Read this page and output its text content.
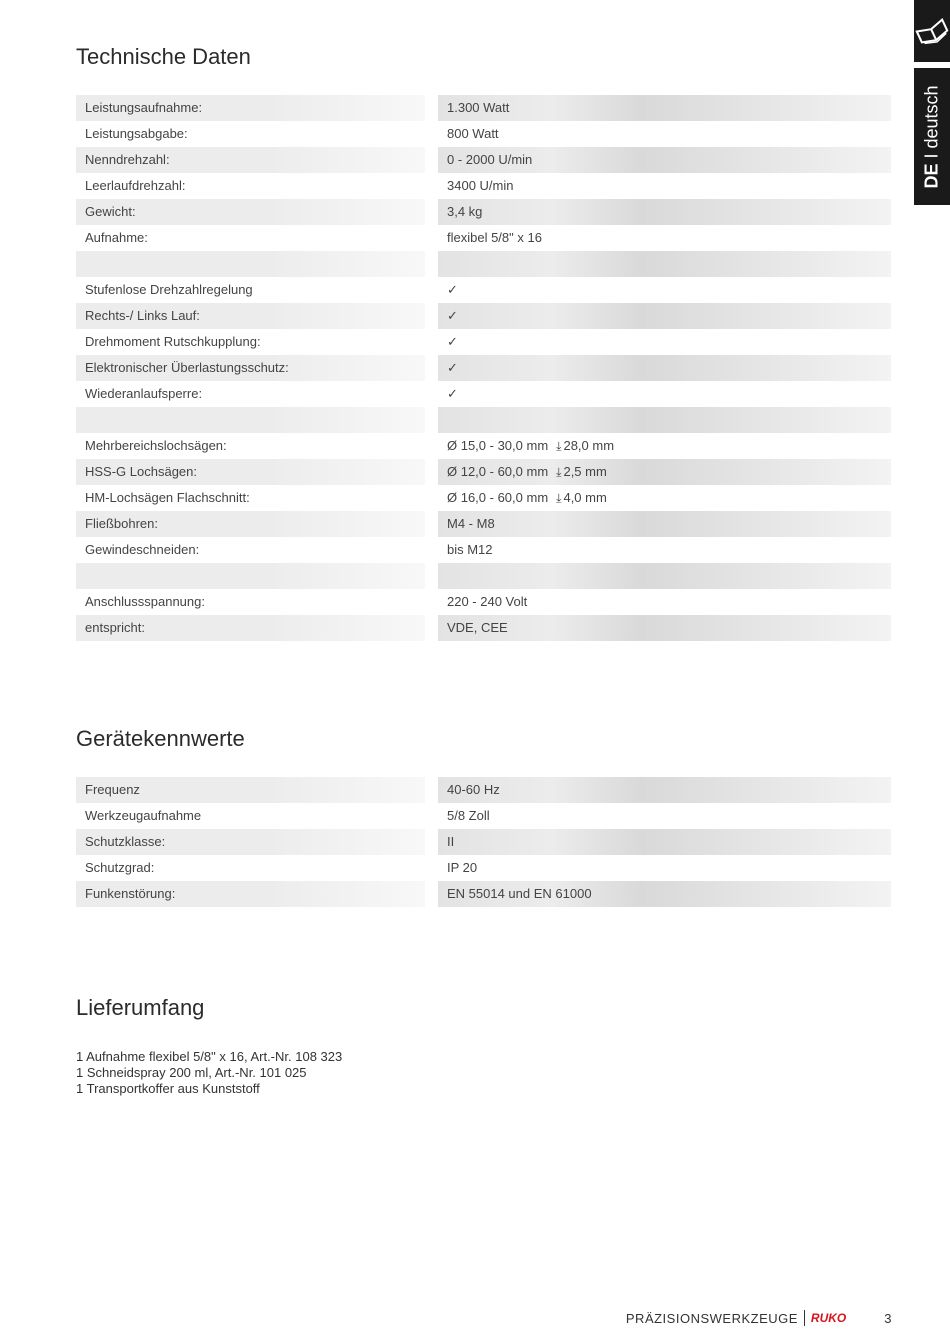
DE I deutsch
Technische Daten
Leistungsaufnahme:	1.300 Watt
Leistungsabgabe:	800 Watt
Nenndrehzahl:	0 - 2000 U/min
Leerlaufdrehzahl:	3400 U/min
Gewicht:	3,4 kg
Aufnahme:	flexibel 5/8" x 16
Stufenlose Drehzahlregelung	✓
Rechts-/ Links Lauf:	✓
Drehmoment Rutschkupplung:	✓
Elektronischer Überlastungsschutz:	✓
Wiederanlaufsperre:	✓
Mehrbereichslochsägen:	Ø 15,0 - 30,0 mm ⤓ 28,0 mm
HSS-G Lochsägen:	Ø 12,0 - 60,0 mm ⤓ 2,5 mm
HM-Lochsägen Flachschnitt:	Ø 16,0 - 60,0 mm ⤓ 4,0 mm
Fließbohren:	M4 - M8
Gewindeschneiden:	bis M12
Anschlussspannung:	220 - 240 Volt
entspricht:	VDE, CEE
Gerätekennwerte
Frequenz	40-60 Hz
Werkzeugaufnahme	5/8 Zoll
Schutzklasse:	II
Schutzgrad:	IP 20
Funkenstörung:	EN 55014 und EN 61000
Lieferumfang
1 Aufnahme flexibel 5/8" x 16, Art.-Nr. 108 323
1 Schneidspray 200 ml, Art.-Nr. 101 025
1 Transportkoffer aus Kunststoff
PRÄZISIONSWERKZEUGE RUKO	3
